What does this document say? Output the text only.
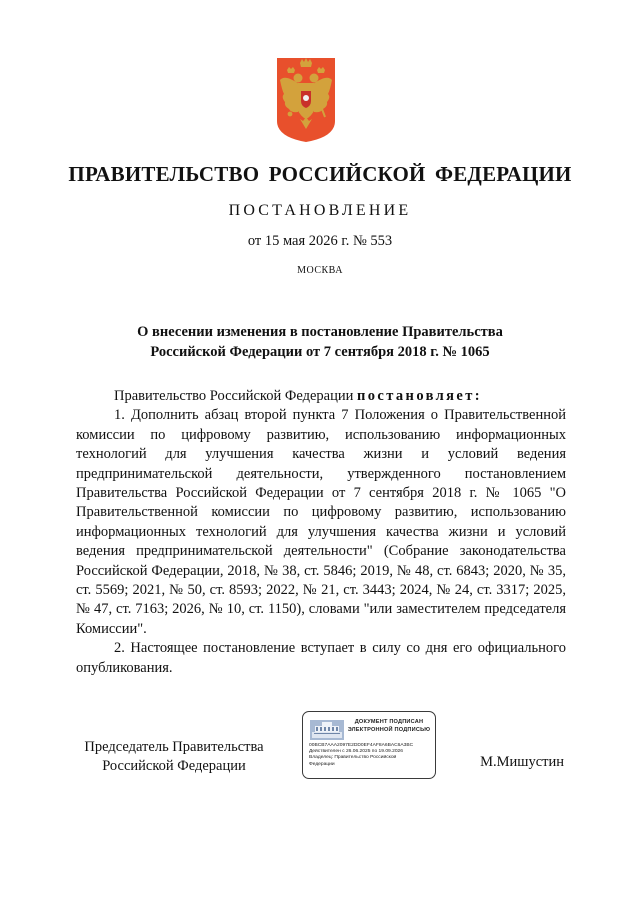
ПРАВИТЕЛЬСТВО РОССИЙСКОЙ ФЕДЕРАЦИИ
ПОСТАНОВЛЕНИЕ
от 15 мая 2026 г. № 553
МОСКВА
О внесении изменения в постановление Правительства
Российской Федерации от 7 сентября 2018 г. № 1065

Правительство Российской Федерации постановляет:

1. Дополнить абзац второй пункта 7 Положения о Правительственной комиссии по цифровому развитию, использованию информационных технологий для улучшения качества жизни и условий ведения предпринимательской деятельности, утвержденного постановлением Правительства Российской Федерации от 7 сентября 2018 г. № 1065 "О Правительственной комиссии по цифровому развитию, использованию информационных технологий для улучшения качества жизни и условий ведения предпринимательской деятельности" (Собрание законодательства Российской Федерации, 2018, № 38, ст. 5846; 2019, № 48, ст. 6843; 2020, № 35, ст. 5569; 2021, № 50, ст. 8593; 2022, № 21, ст. 3443; 2024, № 24, ст. 3317; 2025, № 47, ст. 7163; 2026, № 10, ст. 1150), словами "или заместителем председателя Комиссии".

2. Настоящее постановление вступает в силу со дня его официального опубликования.

Председатель Правительства
Российской Федерации
ДОКУМЕНТ ПОДПИСАН
ЭЛЕКТРОННОЙ ПОДПИСЬЮ
00BCB7AAA2097E2DD0EF4AF8A6BAC6A3BC
Действителен с 26.06.2025 по 19.09.2026
Владелец: Правительство Российской
Федерации	М.Мишустин
